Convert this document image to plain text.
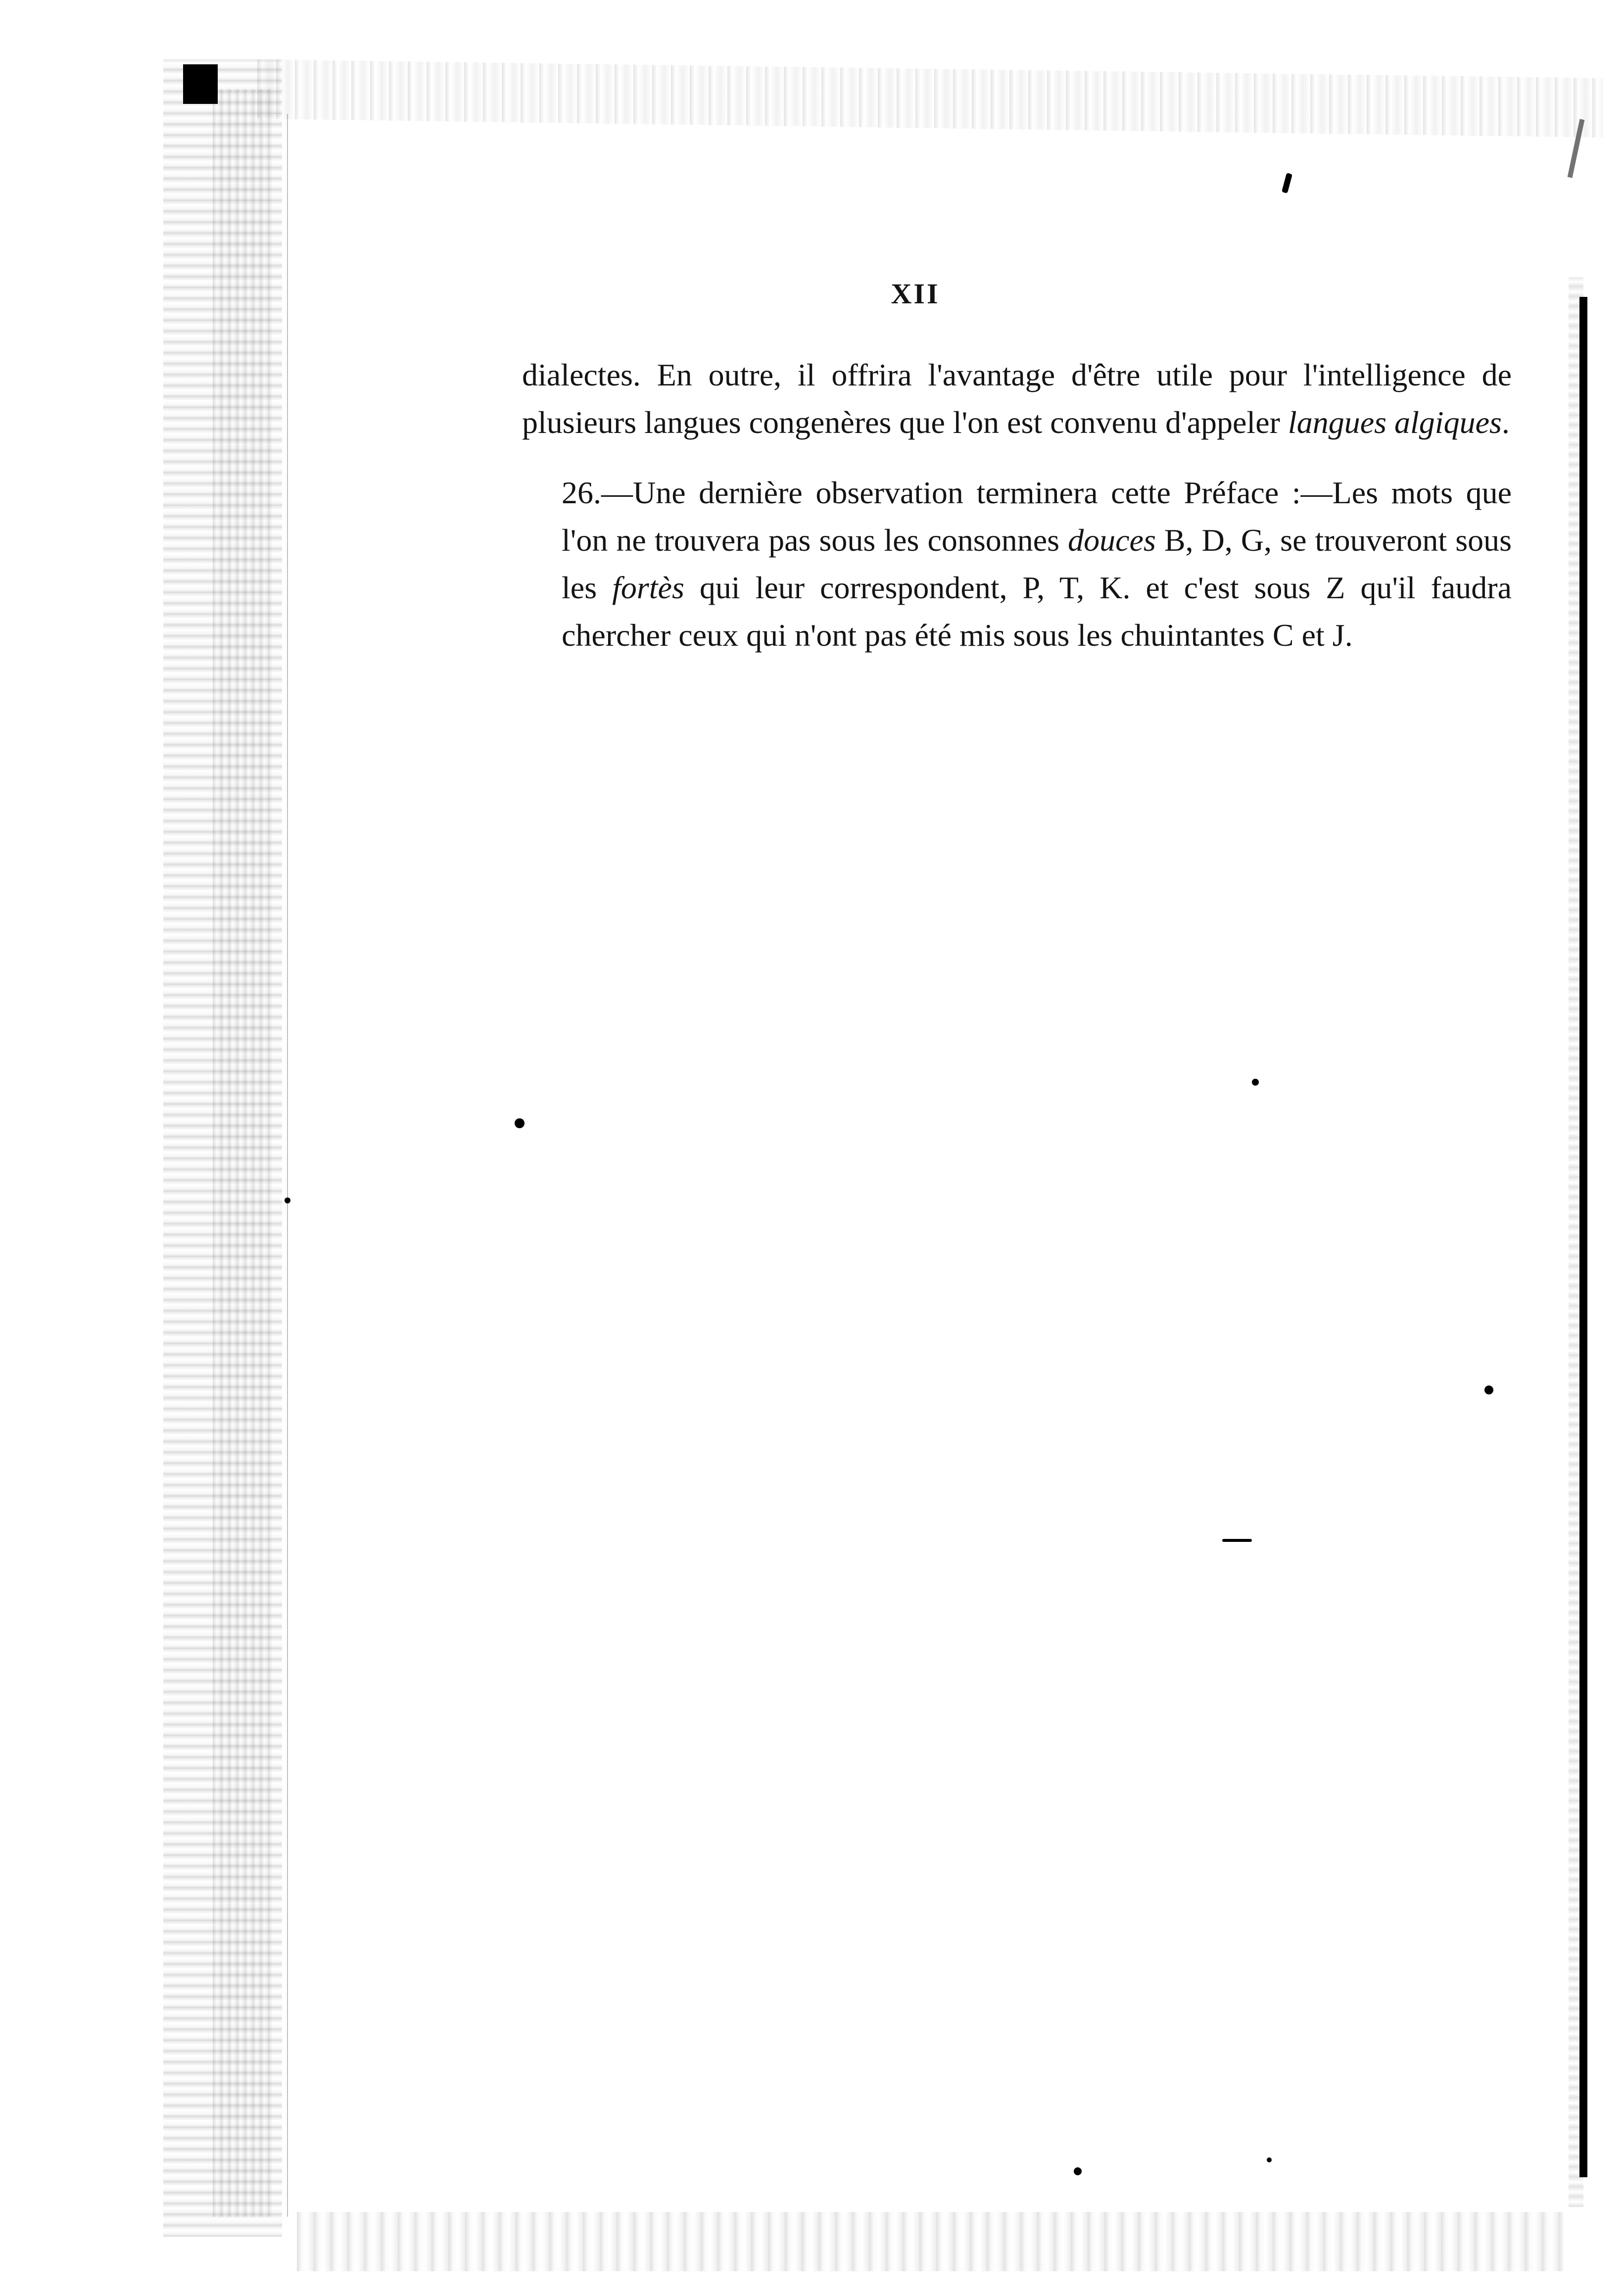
XII

dialectes. En outre, il offrira l'avantage d'être utile pour l'intelligence de plusieurs langues congenères que l'on est convenu d'appeler langues algiques.

26.—Une dernière observation terminera cette Préface :—Les mots que l'on ne trouvera pas sous les consonnes douces B, D, G, se trouveront sous les fortès qui leur correspondent, P, T, K. et c'est sous Z qu'il faudra chercher ceux qui n'ont pas été mis sous les chuintantes C et J.
